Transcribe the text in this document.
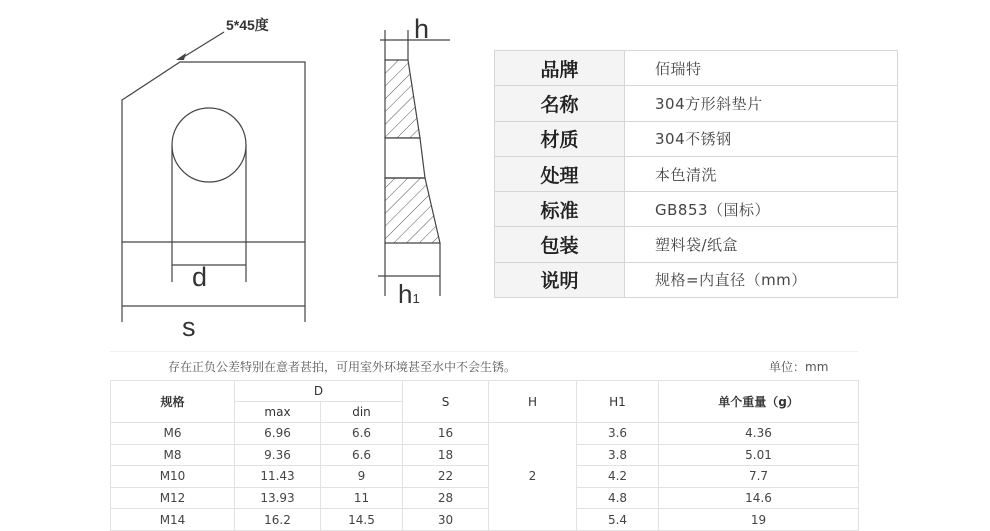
5*45度
d
s
h
h1
品牌	佰瑞特
名称	304方形斜垫片
材质	304不锈钢
处理	本色清洗
标准	GB853（国标）
包装	塑料袋/纸盒
说明	规格=内直径（mm）
存在正负公差特别在意者甚拍，可用室外环境甚至水中不会生锈。	单位：mm
规格	D		S	H	H1	单个重量（g）
	max	din				
M6	6.96	6.6	16	2	3.6	4.36
M8	9.36	6.6	18		3.8	5.01
M10	11.43	9	22		4.2	7.7
M12	13.93	11	28		4.8	14.6
M14	16.2	14.5	30		5.4	19
